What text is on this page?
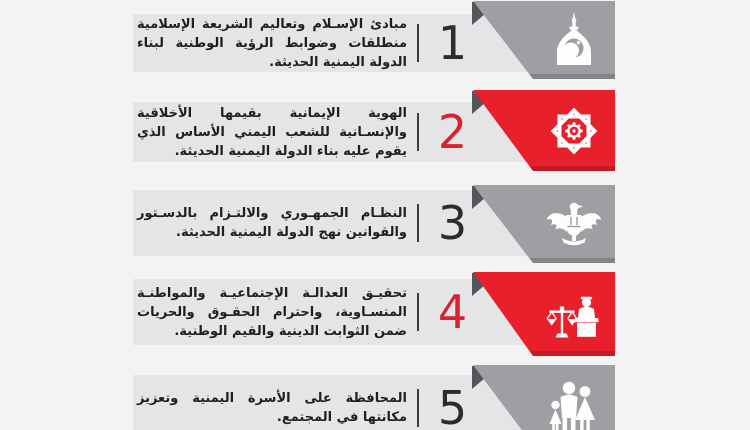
مبادئ الإسـلام وتعاليم الشريعة الإسلامية منطلقات وضوابط الرؤية الوطنية لبناء الدولة اليمنية الحديثة. 1

الهوية الإيمانية بقيمها الأخلاقية والإنسـانية للشعب اليمني الأساس الذي يقوم عليه بناء الدولة اليمنية الحديثة. 2

النظـام الجمهـوري والالتـزام بالدسـتور والقوانين نهج الدولة اليمنية الحديثة. 3

تحقيـق العدالـة الإجتماعيـة والمواطنـة المتسـاوية، واحترام الحقـوق والحريات ضمن الثوابت الدينية والقيم الوطنية. 4

المحافظة على الأسرة اليمنية وتعزيز مكانتها في المجتمع. 5
